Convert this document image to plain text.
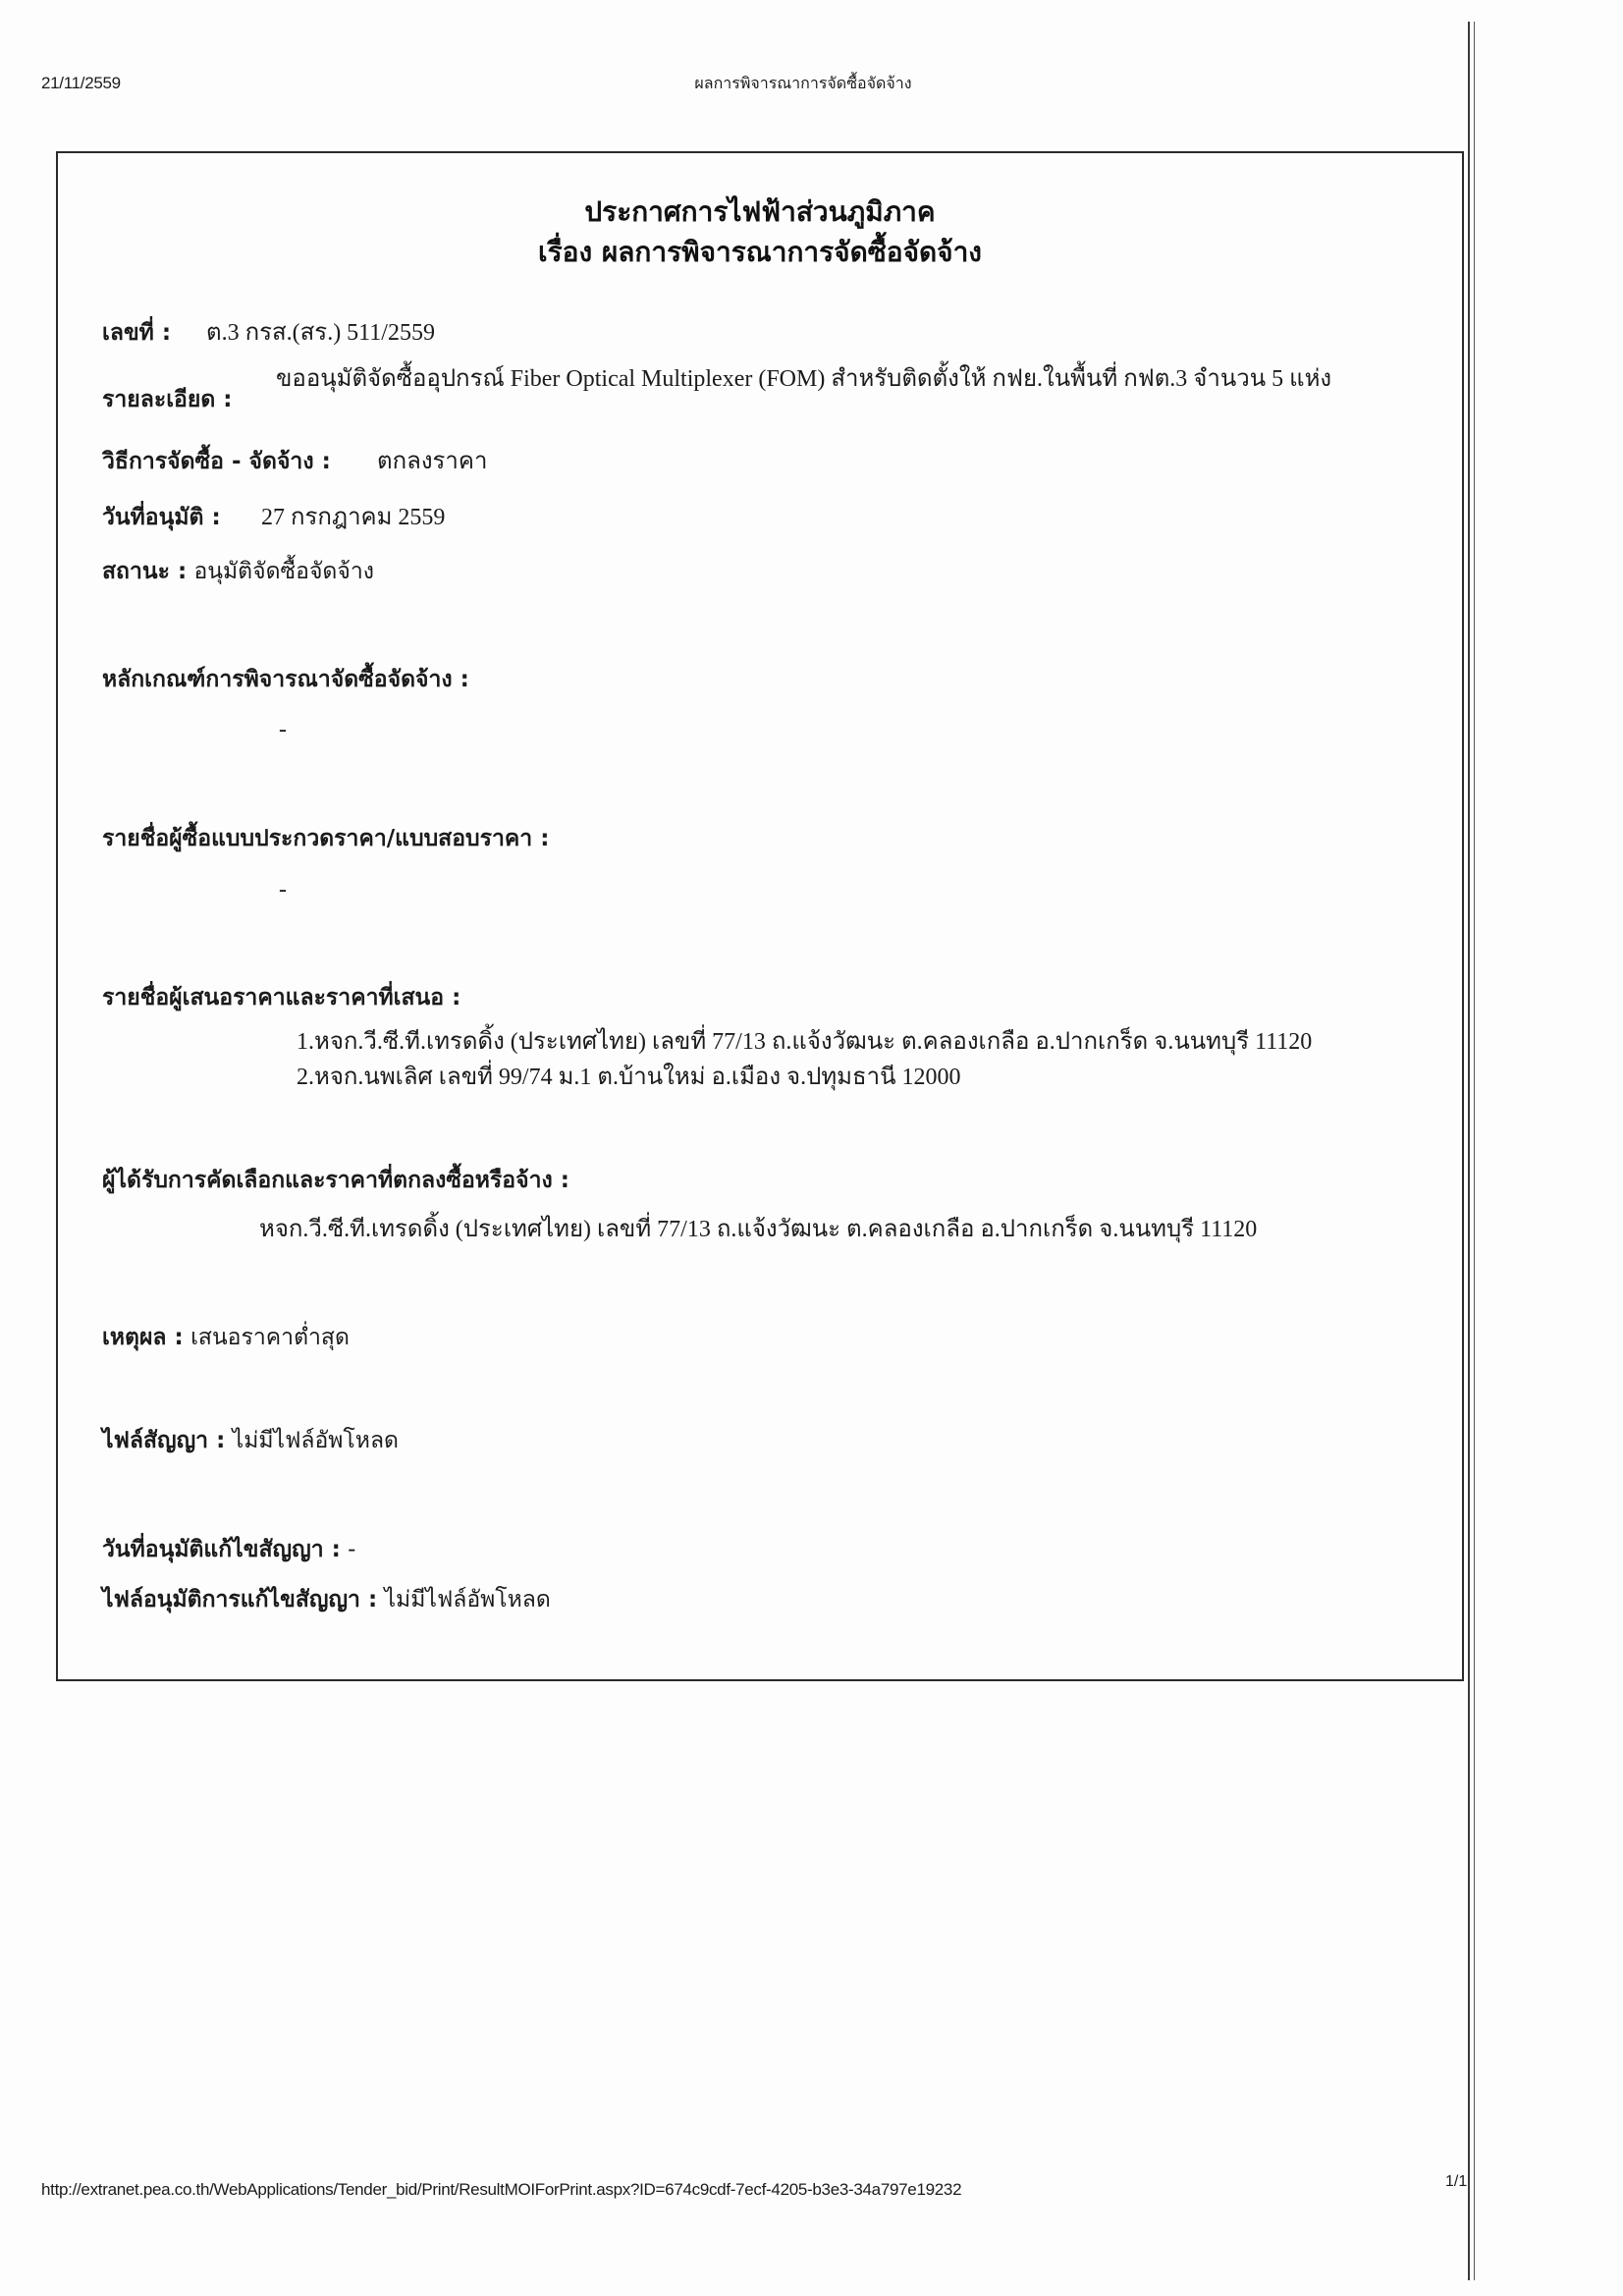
21/11/2559	ผลการพิจารณาการจัดซื้อจัดจ้าง
ประกาศการไฟฟ้าส่วนภูมิภาค
เรื่อง ผลการพิจารณาการจัดซื้อจัดจ้าง
เลขที่ : ต.3 กรส.(สร.) 511/2559
รายละเอียด :
ขออนุมัติจัดซื้ออุปกรณ์ Fiber Optical Multiplexer (FOM) สำหรับติดตั้งให้ กฟย.ในพื้นที่ กฟต.3 จำนวน 5 แห่ง
วิธีการจัดซื้อ - จัดจ้าง : ตกลงราคา
วันที่อนุมัติ : 27 กรกฎาคม 2559
สถานะ : อนุมัติจัดซื้อจัดจ้าง
หลักเกณฑ์การพิจารณาจัดซื้อจัดจ้าง :
-
รายชื่อผู้ซื้อแบบประกวดราคา/แบบสอบราคา :
-
รายชื่อผู้เสนอราคาและราคาที่เสนอ :
1.หจก.วี.ซี.ที.เทรดดิ้ง (ประเทศไทย) เลขที่ 77/13 ถ.แจ้งวัฒนะ ต.คลองเกลือ อ.ปากเกร็ด จ.นนทบุรี 11120
2.หจก.นพเลิศ เลขที่ 99/74 ม.1 ต.บ้านใหม่ อ.เมือง จ.ปทุมธานี 12000
ผู้ได้รับการคัดเลือกและราคาที่ตกลงซื้อหรือจ้าง :
หจก.วี.ซี.ที.เทรดดิ้ง (ประเทศไทย) เลขที่ 77/13 ถ.แจ้งวัฒนะ ต.คลองเกลือ อ.ปากเกร็ด จ.นนทบุรี 11120
เหตุผล : เสนอราคาต่ำสุด
ไฟล์สัญญา : ไม่มีไฟล์อัพโหลด
วันที่อนุมัติแก้ไขสัญญา : -
ไฟล์อนุมัติการแก้ไขสัญญา : ไม่มีไฟล์อัพโหลด
http://extranet.pea.co.th/WebApplications/Tender_bid/Print/ResultMOIForPrint.aspx?ID=674c9cdf-7ecf-4205-b3e3-34a797e19232	1/1
